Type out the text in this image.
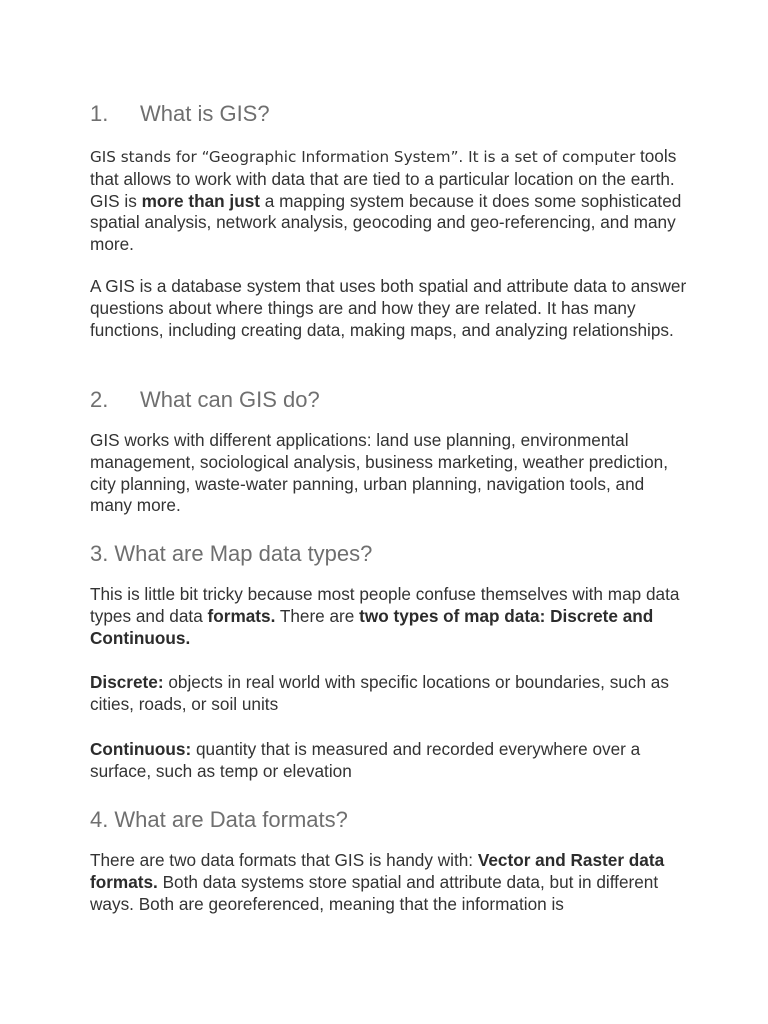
1. What is GIS?

GIS stands for “Geographic Information System”. It is a set of computer tools that allows to work with data that are tied to a particular location on the earth. GIS is more than just a mapping system because it does some sophisticated spatial analysis, network analysis, geocoding and geo-referencing, and many more.

A GIS is a database system that uses both spatial and attribute data to answer questions about where things are and how they are related. It has many functions, including creating data, making maps, and analyzing relationships.

2. What can GIS do?

GIS works with different applications: land use planning, environmental management, sociological analysis, business marketing, weather prediction, city planning, waste-water panning, urban planning, navigation tools, and many more.

3. What are Map data types?

This is little bit tricky because most people confuse themselves with map data types and data formats. There are two types of map data: Discrete and Continuous.

Discrete: objects in real world with specific locations or boundaries, such as cities, roads, or soil units

Continuous: quantity that is measured and recorded everywhere over a surface, such as temp or elevation

4. What are Data formats?

There are two data formats that GIS is handy with: Vector and Raster data formats. Both data systems store spatial and attribute data, but in different ways. Both are georeferenced, meaning that the information is
